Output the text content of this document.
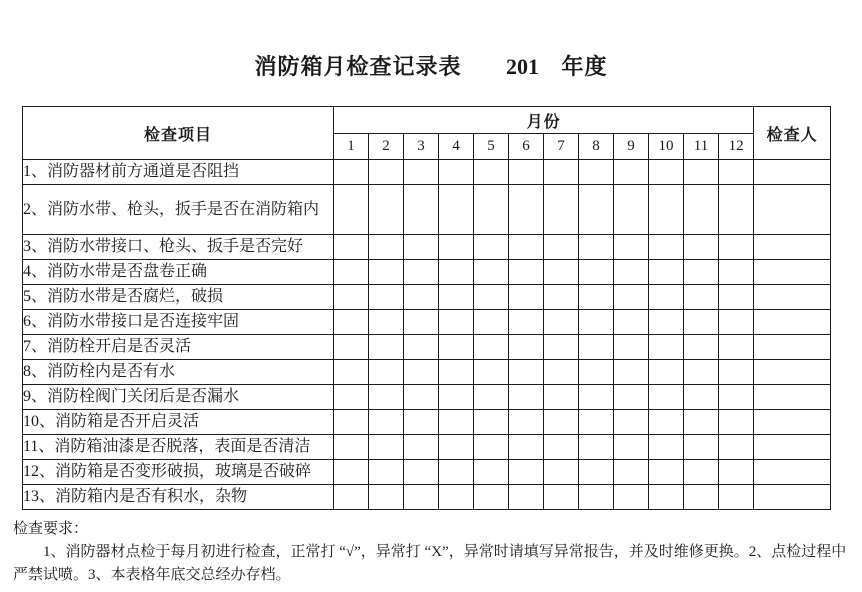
消防箱月检查记录表 201 年度
检查项目	月份												检查人
	1	2	3	4	5	6	7	8	9	10	11	12	
1、消防器材前方通道是否阻挡													
2、消防水带、枪头，扳手是否在消防箱内													
3、消防水带接口、枪头、扳手是否完好													
4、消防水带是否盘卷正确													
5、消防水带是否腐烂，破损													
6、消防水带接口是否连接牢固													
7、消防栓开启是否灵活													
8、消防栓内是否有水													
9、消防栓阀门关闭后是否漏水													
10、消防箱是否开启灵活													
11、消防箱油漆是否脱落，表面是否清洁													
12、消防箱是否变形破损，玻璃是否破碎													
13、消防箱内是否有积水，杂物													
检查要求：
1、消防器材点检于每月初进行检查，正常打 “√”，异常打 “X”，异常时请填写异常报告，并及时维修更换。2、点检过程中严禁试喷。3、本表格年底交总经办存档。
